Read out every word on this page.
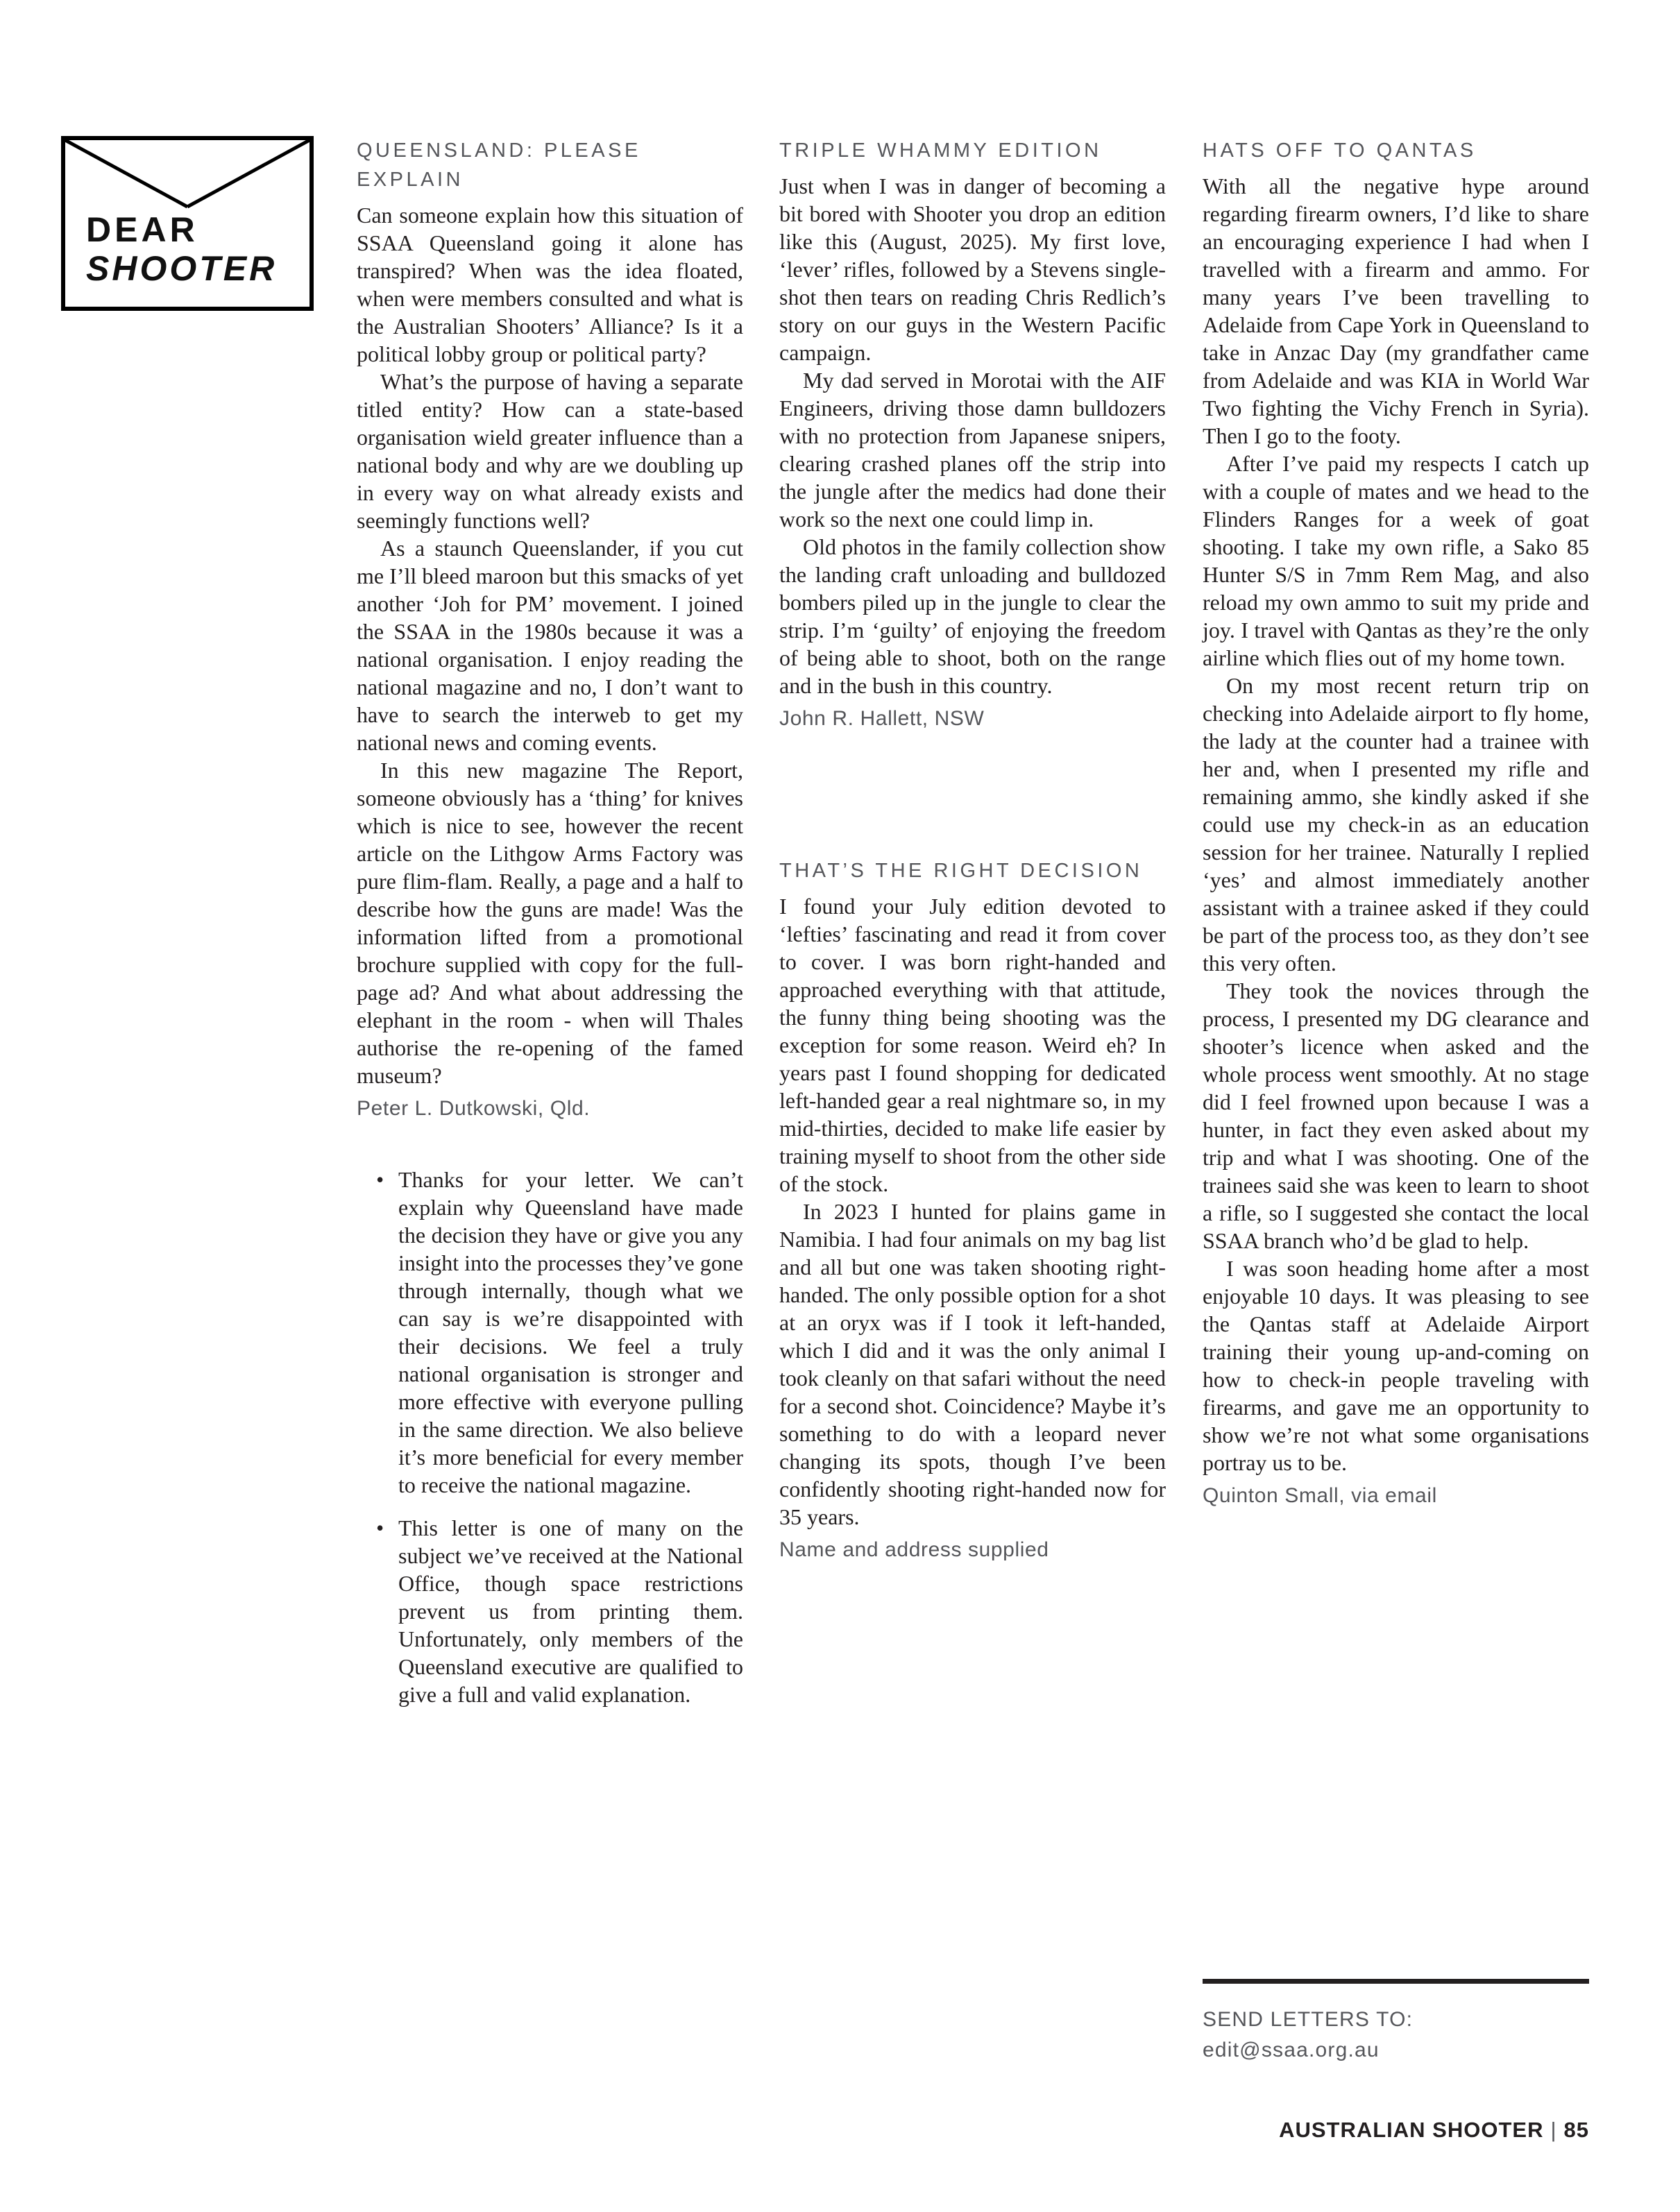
DEAR
SHOOTER
QUEENSLAND: PLEASE EXPLAIN

Can someone explain how this situation of SSAA Queensland going it alone has transpired? When was the idea floated, when were members consulted and what is the Australian Shooters’ Alliance? Is it a political lobby group or political party?

What’s the purpose of having a separate titled entity? How can a state-based organisation wield greater influence than a national body and why are we doubling up in every way on what already exists and seemingly functions well?

As a staunch Queenslander, if you cut me I’ll bleed maroon but this smacks of yet another ‘Joh for PM’ movement. I joined the SSAA in the 1980s because it was a national organisation. I enjoy reading the national magazine and no, I don’t want to have to search the interweb to get my national news and coming events.

In this new magazine The Report, someone obviously has a ‘thing’ for knives which is nice to see, however the recent article on the Lithgow Arms Factory was pure flim-flam. Really, a page and a half to describe how the guns are made! Was the information lifted from a promotional brochure supplied with copy for the full-page ad? And what about addressing the elephant in the room - when will Thales authorise the re-opening of the famed museum?

Peter L. Dutkowski, Qld.
• Thanks for your letter. We can’t explain why Queensland have made the decision they have or give you any insight into the processes they’ve gone through internally, though what we can say is we’re disappointed with their decisions. We feel a truly national organisation is stronger and more effective with everyone pulling in the same direction. We also believe it’s more beneficial for every member to receive the national magazine.
• This letter is one of many on the subject we’ve received at the National Office, though space restrictions prevent us from printing them. Unfortunately, only members of the Queensland executive are qualified to give a full and valid explanation.
TRIPLE WHAMMY EDITION

Just when I was in danger of becoming a bit bored with Shooter you drop an edition like this (August, 2025). My first love, ‘lever’ rifles, followed by a Stevens single-shot then tears on reading Chris Redlich’s story on our guys in the Western Pacific campaign.

My dad served in Morotai with the AIF Engineers, driving those damn bulldozers with no protection from Japanese snipers, clearing crashed planes off the strip into the jungle after the medics had done their work so the next one could limp in.

Old photos in the family collection show the landing craft unloading and bulldozed bombers piled up in the jungle to clear the strip. I’m ‘guilty’ of enjoying the freedom of being able to shoot, both on the range and in the bush in this country.

John R. Hallett, NSW
THAT’S THE RIGHT DECISION

I found your July edition devoted to ‘lefties’ fascinating and read it from cover to cover. I was born right-handed and approached everything with that attitude, the funny thing being shooting was the exception for some reason. Weird eh? In years past I found shopping for dedicated left-handed gear a real nightmare so, in my mid-thirties, decided to make life easier by training myself to shoot from the other side of the stock.

In 2023 I hunted for plains game in Namibia. I had four animals on my bag list and all but one was taken shooting right-handed. The only possible option for a shot at an oryx was if I took it left-handed, which I did and it was the only animal I took cleanly on that safari without the need for a second shot. Coincidence? Maybe it’s something to do with a leopard never changing its spots, though I’ve been confidently shooting right-handed now for 35 years.

Name and address supplied
HATS OFF TO QANTAS

With all the negative hype around regarding firearm owners, I’d like to share an encouraging experience I had when I travelled with a firearm and ammo. For many years I’ve been travelling to Adelaide from Cape York in Queensland to take in Anzac Day (my grandfather came from Adelaide and was KIA in World War Two fighting the Vichy French in Syria). Then I go to the footy.

After I’ve paid my respects I catch up with a couple of mates and we head to the Flinders Ranges for a week of goat shooting. I take my own rifle, a Sako 85 Hunter S/S in 7mm Rem Mag, and also reload my own ammo to suit my pride and joy. I travel with Qantas as they’re the only airline which flies out of my home town.

On my most recent return trip on checking into Adelaide airport to fly home, the lady at the counter had a trainee with her and, when I presented my rifle and remaining ammo, she kindly asked if she could use my check-in as an education session for her trainee. Naturally I replied ‘yes’ and almost immediately another assistant with a trainee asked if they could be part of the process too, as they don’t see this very often.

They took the novices through the process, I presented my DG clearance and shooter’s licence when asked and the whole process went smoothly. At no stage did I feel frowned upon because I was a hunter, in fact they even asked about my trip and what I was shooting. One of the trainees said she was keen to learn to shoot a rifle, so I suggested she contact the local SSAA branch who’d be glad to help.

I was soon heading home after a most enjoyable 10 days. It was pleasing to see the Qantas staff at Adelaide Airport training their young up-and-coming on how to check-in people traveling with firearms, and gave me an opportunity to show we’re not what some organisations portray us to be.

Quinton Small, via email
SEND LETTERS TO:
edit@ssaa.org.au
AUSTRALIAN SHOOTER | 85
